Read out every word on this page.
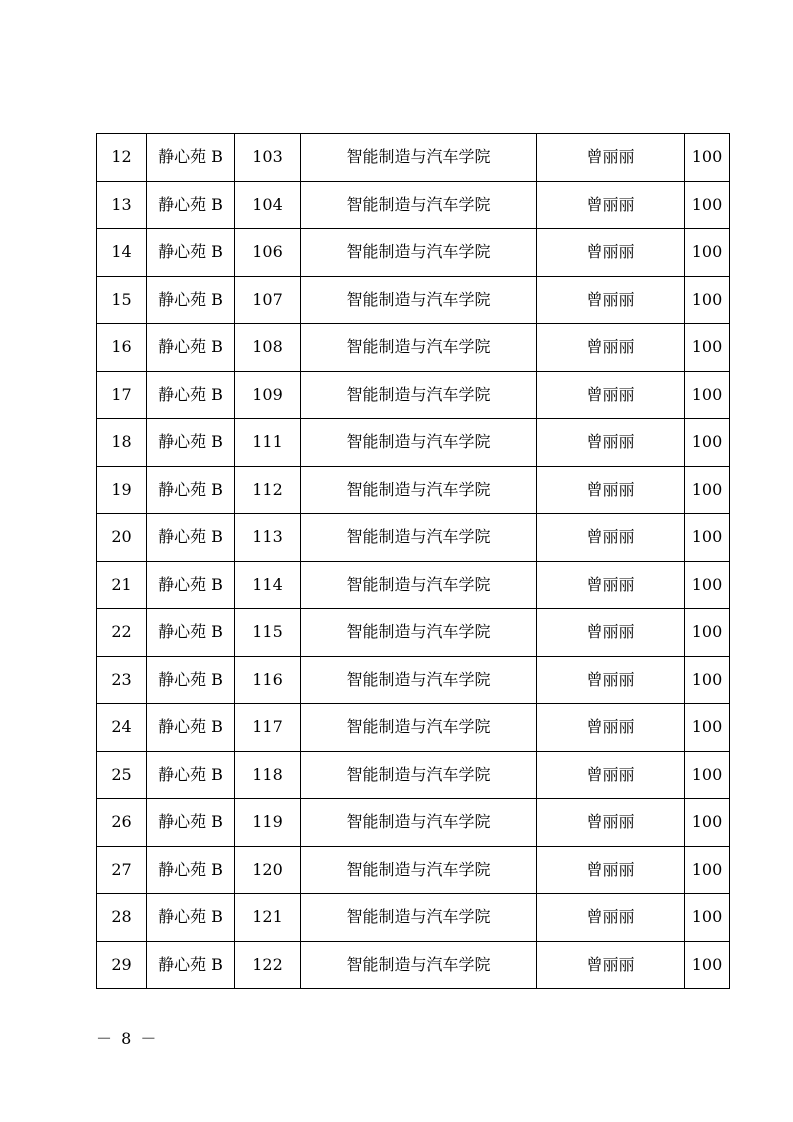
12	静心苑 B	103	智能制造与汽车学院	曾丽丽	100
13	静心苑 B	104	智能制造与汽车学院	曾丽丽	100
14	静心苑 B	106	智能制造与汽车学院	曾丽丽	100
15	静心苑 B	107	智能制造与汽车学院	曾丽丽	100
16	静心苑 B	108	智能制造与汽车学院	曾丽丽	100
17	静心苑 B	109	智能制造与汽车学院	曾丽丽	100
18	静心苑 B	111	智能制造与汽车学院	曾丽丽	100
19	静心苑 B	112	智能制造与汽车学院	曾丽丽	100
20	静心苑 B	113	智能制造与汽车学院	曾丽丽	100
21	静心苑 B	114	智能制造与汽车学院	曾丽丽	100
22	静心苑 B	115	智能制造与汽车学院	曾丽丽	100
23	静心苑 B	116	智能制造与汽车学院	曾丽丽	100
24	静心苑 B	117	智能制造与汽车学院	曾丽丽	100
25	静心苑 B	118	智能制造与汽车学院	曾丽丽	100
26	静心苑 B	119	智能制造与汽车学院	曾丽丽	100
27	静心苑 B	120	智能制造与汽车学院	曾丽丽	100
28	静心苑 B	121	智能制造与汽车学院	曾丽丽	100
29	静心苑 B	122	智能制造与汽车学院	曾丽丽	100
－ 8 －
